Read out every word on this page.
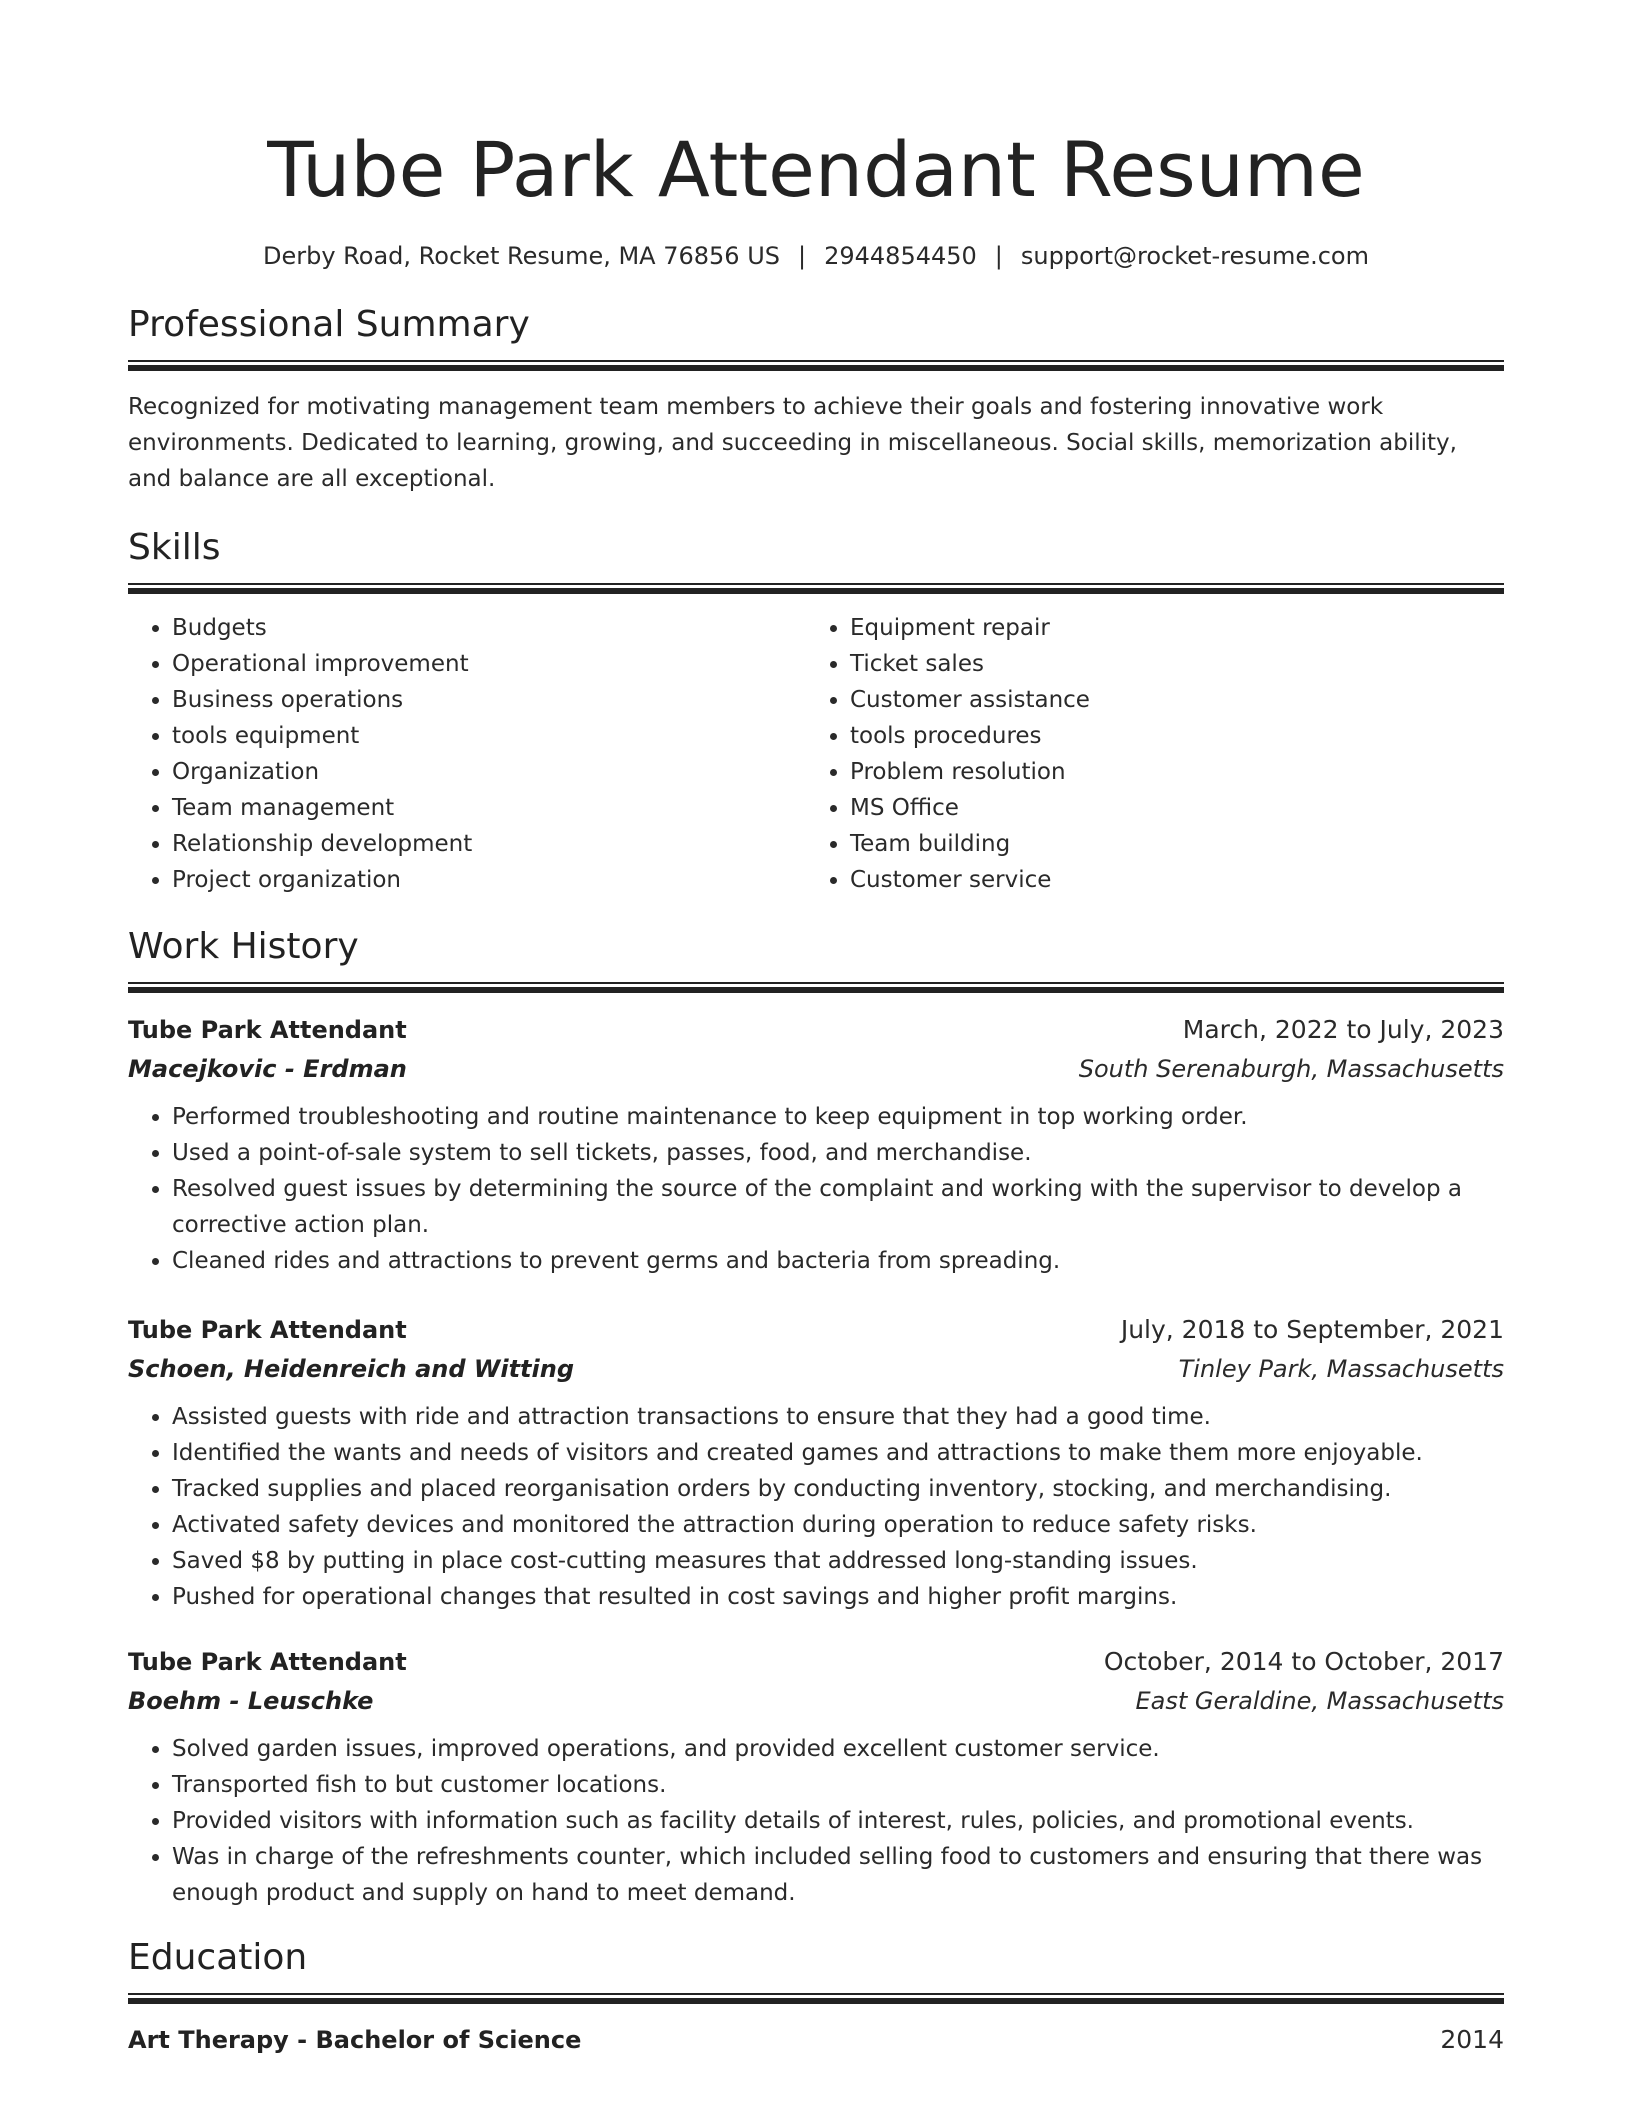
Tube Park Attendant Resume
Derby Road, Rocket Resume, MA 76856 US | 2944854450 | support@rocket-resume.com
Professional Summary
Recognized for motivating management team members to achieve their goals and fostering innovative work environments. Dedicated to learning, growing, and succeeding in miscellaneous. Social skills, memorization ability, and balance are all exceptional.
Skills
• Budgets
• Operational improvement
• Business operations
• tools equipment
• Organization
• Team management
• Relationship development
• Project organization
• Equipment repair
• Ticket sales
• Customer assistance
• tools procedures
• Problem resolution
• MS Office
• Team building
• Customer service
Work History
Tube Park Attendant	March, 2022 to July, 2023
Macejkovic - Erdman	South Serenaburgh, Massachusetts
• Performed troubleshooting and routine maintenance to keep equipment in top working order.
• Used a point-of-sale system to sell tickets, passes, food, and merchandise.
• Resolved guest issues by determining the source of the complaint and working with the supervisor to develop a corrective action plan.
• Cleaned rides and attractions to prevent germs and bacteria from spreading.
Tube Park Attendant	July, 2018 to September, 2021
Schoen, Heidenreich and Witting	Tinley Park, Massachusetts
• Assisted guests with ride and attraction transactions to ensure that they had a good time.
• Identified the wants and needs of visitors and created games and attractions to make them more enjoyable.
• Tracked supplies and placed reorganisation orders by conducting inventory, stocking, and merchandising.
• Activated safety devices and monitored the attraction during operation to reduce safety risks.
• Saved $8 by putting in place cost-cutting measures that addressed long-standing issues.
• Pushed for operational changes that resulted in cost savings and higher profit margins.
Tube Park Attendant	October, 2014 to October, 2017
Boehm - Leuschke	East Geraldine, Massachusetts
• Solved garden issues, improved operations, and provided excellent customer service.
• Transported fish to but customer locations.
• Provided visitors with information such as facility details of interest, rules, policies, and promotional events.
• Was in charge of the refreshments counter, which included selling food to customers and ensuring that there was enough product and supply on hand to meet demand.
Education
Art Therapy - Bachelor of Science	2014
